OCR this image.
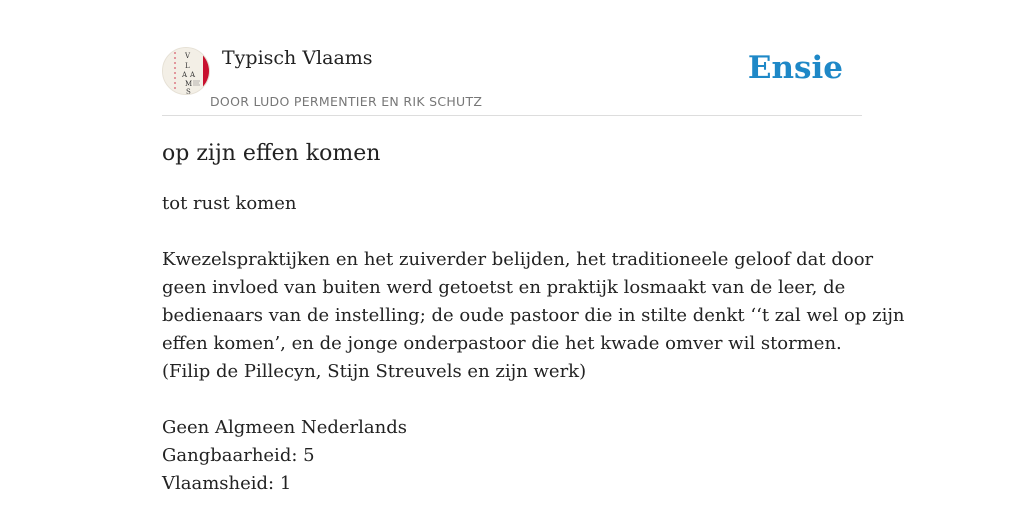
V
L
A A
M
S
Typisch Vlaams
DOOR LUDO PERMENTIER EN RIK SCHUTZ
Ensie
op zijn effen komen

tot rust komen

Kwezelspraktijken en het zuiverder belijden, het traditioneele geloof dat door
geen invloed van buiten werd getoetst en praktijk losmaakt van de leer, de
bedienaars van de instelling; de oude pastoor die in stilte denkt ‘‘t zal wel op zijn
effen komen’, en de jonge onderpastoor die het kwade omver wil stormen.
(Filip de Pillecyn, Stijn Streuvels en zijn werk)

Geen Algmeen Nederlands
Gangbaarheid: 5
Vlaamsheid: 1
